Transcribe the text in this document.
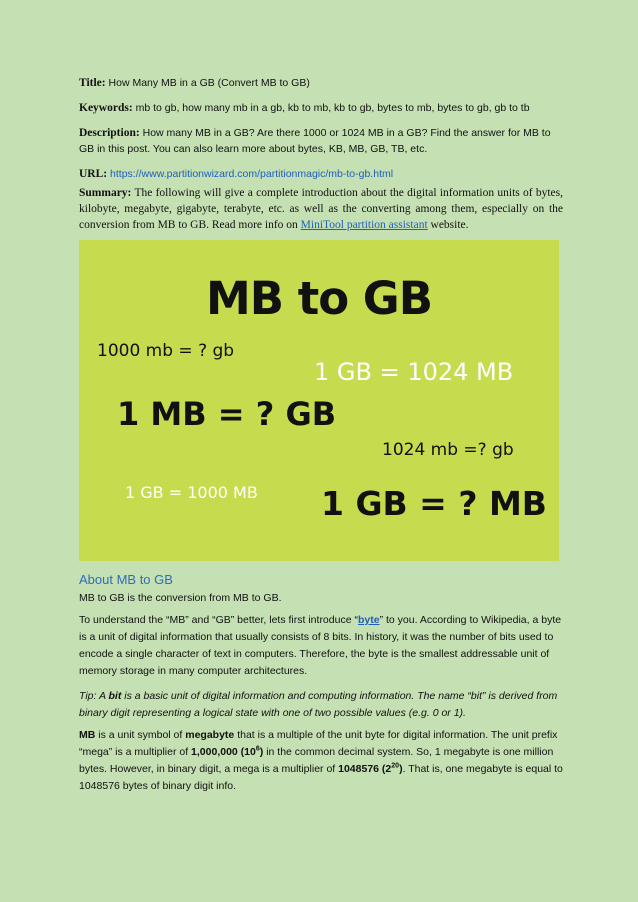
Title: How Many MB in a GB (Convert MB to GB)
Keywords: mb to gb, how many mb in a gb, kb to mb, kb to gb, bytes to mb, bytes to gb, gb to tb
Description: How many MB in a GB? Are there 1000 or 1024 MB in a GB? Find the answer for MB to GB in this post. You can also learn more about bytes, KB, MB, GB, TB, etc.
URL: https://www.partitionwizard.com/partitionmagic/mb-to-gb.html
Summary: The following will give a complete introduction about the digital information units of bytes, kilobyte, megabyte, gigabyte, terabyte, etc. as well as the converting among them, especially on the conversion from MB to GB. Read more info on MiniTool partition assistant website.
MB to GB
1000 mb = ? gb
1 GB = 1024 MB
1 MB = ? GB
1024 mb =? gb
1 GB = 1000 MB 1 GB = ? MB
About MB to GB
MB to GB is the conversion from MB to GB.
To understand the “MB” and “GB” better, lets first introduce “byte” to you. According to Wikipedia, a byte is a unit of digital information that usually consists of 8 bits. In history, it was the number of bits used to encode a single character of text in computers. Therefore, the byte is the smallest addressable unit of memory storage in many computer architectures.
Tip: A bit is a basic unit of digital information and computing information. The name “bit” is derived from binary digit representing a logical state with one of two possible values (e.g. 0 or 1).
MB is a unit symbol of megabyte that is a multiple of the unit byte for digital information. The unit prefix “mega” is a multiplier of 1,000,000 $(10^6)$ in the common decimal system. So, 1 megabyte is one million bytes. However, in binary digit, a mega is a multiplier of 1048576 $(2^{20})$. That is, one megabyte is equal to 1048576 bytes of binary digit info.
